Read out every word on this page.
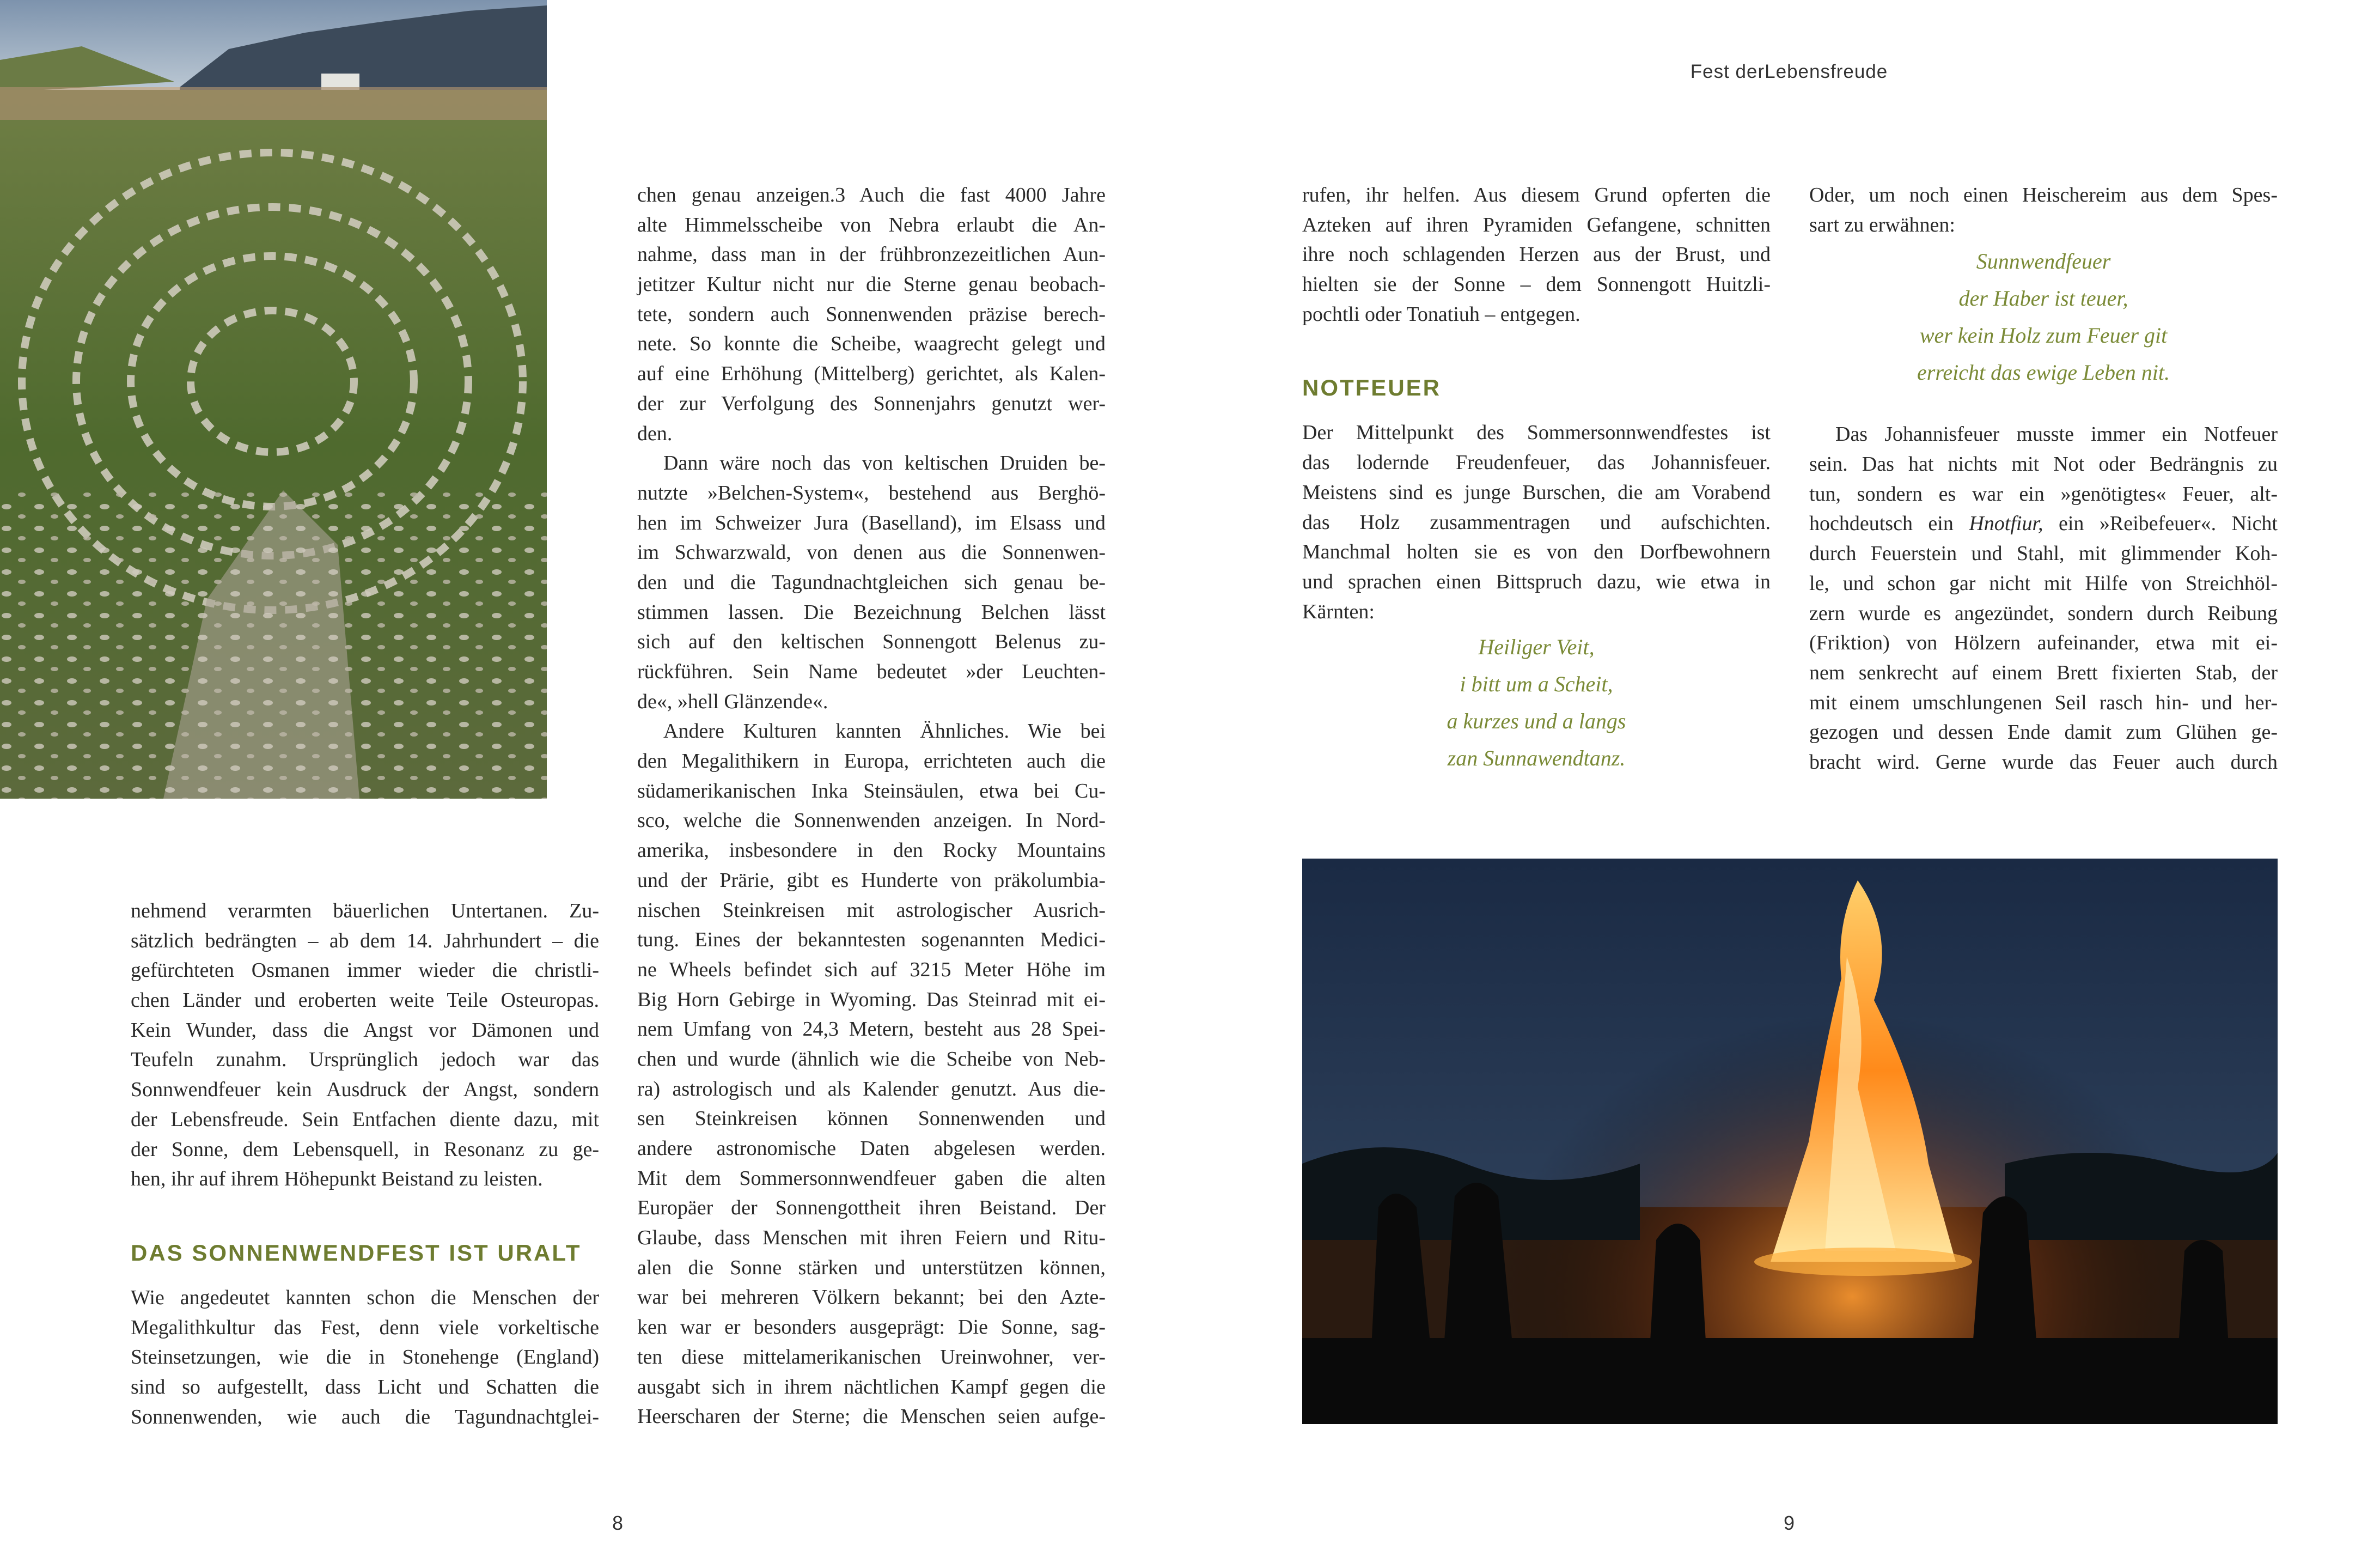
Fest derLebensfreude
8	9
nehmend verarmten bäuerlichen Untertanen. Zu-
sätzlich bedrängten – ab dem 14. Jahrhundert – die
gefürchteten Osmanen immer wieder die christli-
chen Länder und eroberten weite Teile Osteuropas.
Kein Wunder, dass die Angst vor Dämonen und
Teufeln zunahm. Ursprünglich jedoch war das
Sonnwendfeuer kein Ausdruck der Angst, sondern
der Lebensfreude. Sein Entfachen diente dazu, mit
der Sonne, dem Lebensquell, in Resonanz zu ge-
hen, ihr auf ihrem Höhepunkt Beistand zu leisten.
DAS SONNENWENDFEST IST URALT
Wie angedeutet kannten schon die Menschen der
Megalithkultur das Fest, denn viele vorkeltische
Steinsetzungen, wie die in Stonehenge (England)
sind so aufgestellt, dass Licht und Schatten die
Sonnenwenden, wie auch die Tagundnachtglei-
chen genau anzeigen.3 Auch die fast 4000 Jahre
alte Himmelsscheibe von Nebra erlaubt die An-
nahme, dass man in der frühbronzezeitlichen Aun-
jetitzer Kultur nicht nur die Sterne genau beobach-
tete, sondern auch Sonnenwenden präzise berech-
nete. So konnte die Scheibe, waagrecht gelegt und
auf eine Erhöhung (Mittelberg) gerichtet, als Kalen-
der zur Verfolgung des Sonnenjahrs genutzt wer-
den.
Dann wäre noch das von keltischen Druiden be-
nutzte »Belchen-System«, bestehend aus Berghö-
hen im Schweizer Jura (Baselland), im Elsass und
im Schwarzwald, von denen aus die Sonnenwen-
den und die Tagundnachtgleichen sich genau be-
stimmen lassen. Die Bezeichnung Belchen lässt
sich auf den keltischen Sonnengott Belenus zu-
rückführen. Sein Name bedeutet »der Leuchten-
de«, »hell Glänzende«.
Andere Kulturen kannten Ähnliches. Wie bei
den Megalithikern in Europa, errichteten auch die
südamerikanischen Inka Steinsäulen, etwa bei Cu-
sco, welche die Sonnenwenden anzeigen. In Nord-
amerika, insbesondere in den Rocky Mountains
und der Prärie, gibt es Hunderte von präkolumbia-
nischen Steinkreisen mit astrologischer Ausrich-
tung. Eines der bekanntesten sogenannten Medici-
ne Wheels befindet sich auf 3215 Meter Höhe im
Big Horn Gebirge in Wyoming. Das Steinrad mit ei-
nem Umfang von 24,3 Metern, besteht aus 28 Spei-
chen und wurde (ähnlich wie die Scheibe von Neb-
ra) astrologisch und als Kalender genutzt. Aus die-
sen Steinkreisen können Sonnenwenden und
andere astronomische Daten abgelesen werden.
Mit dem Sommersonnwendfeuer gaben die alten
Europäer der Sonnengottheit ihren Beistand. Der
Glaube, dass Menschen mit ihren Feiern und Ritu-
alen die Sonne stärken und unterstützen können,
war bei mehreren Völkern bekannt; bei den Azte-
ken war er besonders ausgeprägt: Die Sonne, sag-
ten diese mittelamerikanischen Ureinwohner, ver-
ausgabt sich in ihrem nächtlichen Kampf gegen die
Heerscharen der Sterne; die Menschen seien aufge-
rufen, ihr helfen. Aus diesem Grund opferten die
Azteken auf ihren Pyramiden Gefangene, schnitten
ihre noch schlagenden Herzen aus der Brust, und
hielten sie der Sonne – dem Sonnengott Huitzli-
pochtli oder Tonatiuh – entgegen.
NOTFEUER
Der Mittelpunkt des Sommersonnwendfestes ist
das lodernde Freudenfeuer, das Johannisfeuer.
Meistens sind es junge Burschen, die am Vorabend
das Holz zusammentragen und aufschichten.
Manchmal holten sie es von den Dorfbewohnern
und sprachen einen Bittspruch dazu, wie etwa in
Kärnten:
Heiliger Veit,
i bitt um a Scheit,
a kurzes und a langs
zan Sunnawendtanz.
Oder, um noch einen Heischereim aus dem Spes-
sart zu erwähnen:
Sunnwendfeuer
der Haber ist teuer,
wer kein Holz zum Feuer git
erreicht das ewige Leben nit.
Das Johannisfeuer musste immer ein Notfeuer
sein. Das hat nichts mit Not oder Bedrängnis zu
tun, sondern es war ein »genötigtes« Feuer, alt-
hochdeutsch ein Hnotfiur, ein »Reibefeuer«. Nicht
durch Feuerstein und Stahl, mit glimmender Koh-
le, und schon gar nicht mit Hilfe von Streichhöl-
zern wurde es angezündet, sondern durch Reibung
(Friktion) von Hölzern aufeinander, etwa mit ei-
nem senkrecht auf einem Brett fixierten Stab, der
mit einem umschlungenen Seil rasch hin- und her-
gezogen und dessen Ende damit zum Glühen ge-
bracht wird. Gerne wurde das Feuer auch durch
